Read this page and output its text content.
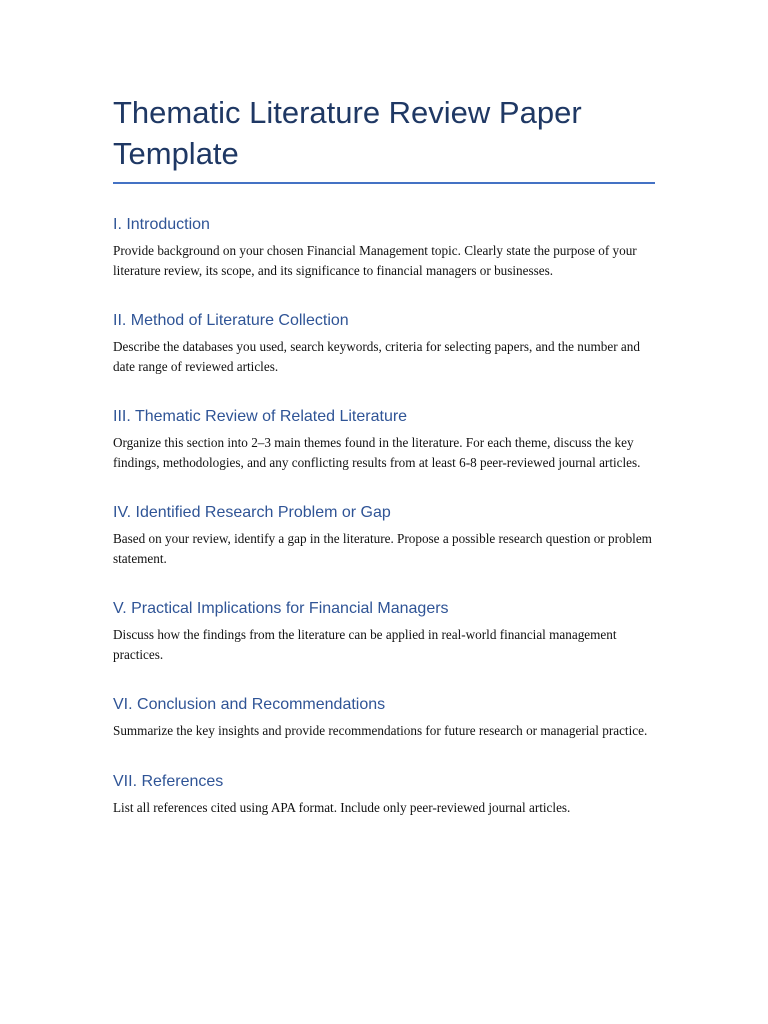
Thematic Literature Review Paper Template
I. Introduction

Provide background on your chosen Financial Management topic. Clearly state the purpose of your literature review, its scope, and its significance to financial managers or businesses.

II. Method of Literature Collection

Describe the databases you used, search keywords, criteria for selecting papers, and the number and date range of reviewed articles.

III. Thematic Review of Related Literature

Organize this section into 2–3 main themes found in the literature. For each theme, discuss the key findings, methodologies, and any conflicting results from at least 6-8 peer-reviewed journal articles.

IV. Identified Research Problem or Gap

Based on your review, identify a gap in the literature. Propose a possible research question or problem statement.

V. Practical Implications for Financial Managers

Discuss how the findings from the literature can be applied in real-world financial management practices.

VI. Conclusion and Recommendations

Summarize the key insights and provide recommendations for future research or managerial practice.

VII. References

List all references cited using APA format. Include only peer-reviewed journal articles.
